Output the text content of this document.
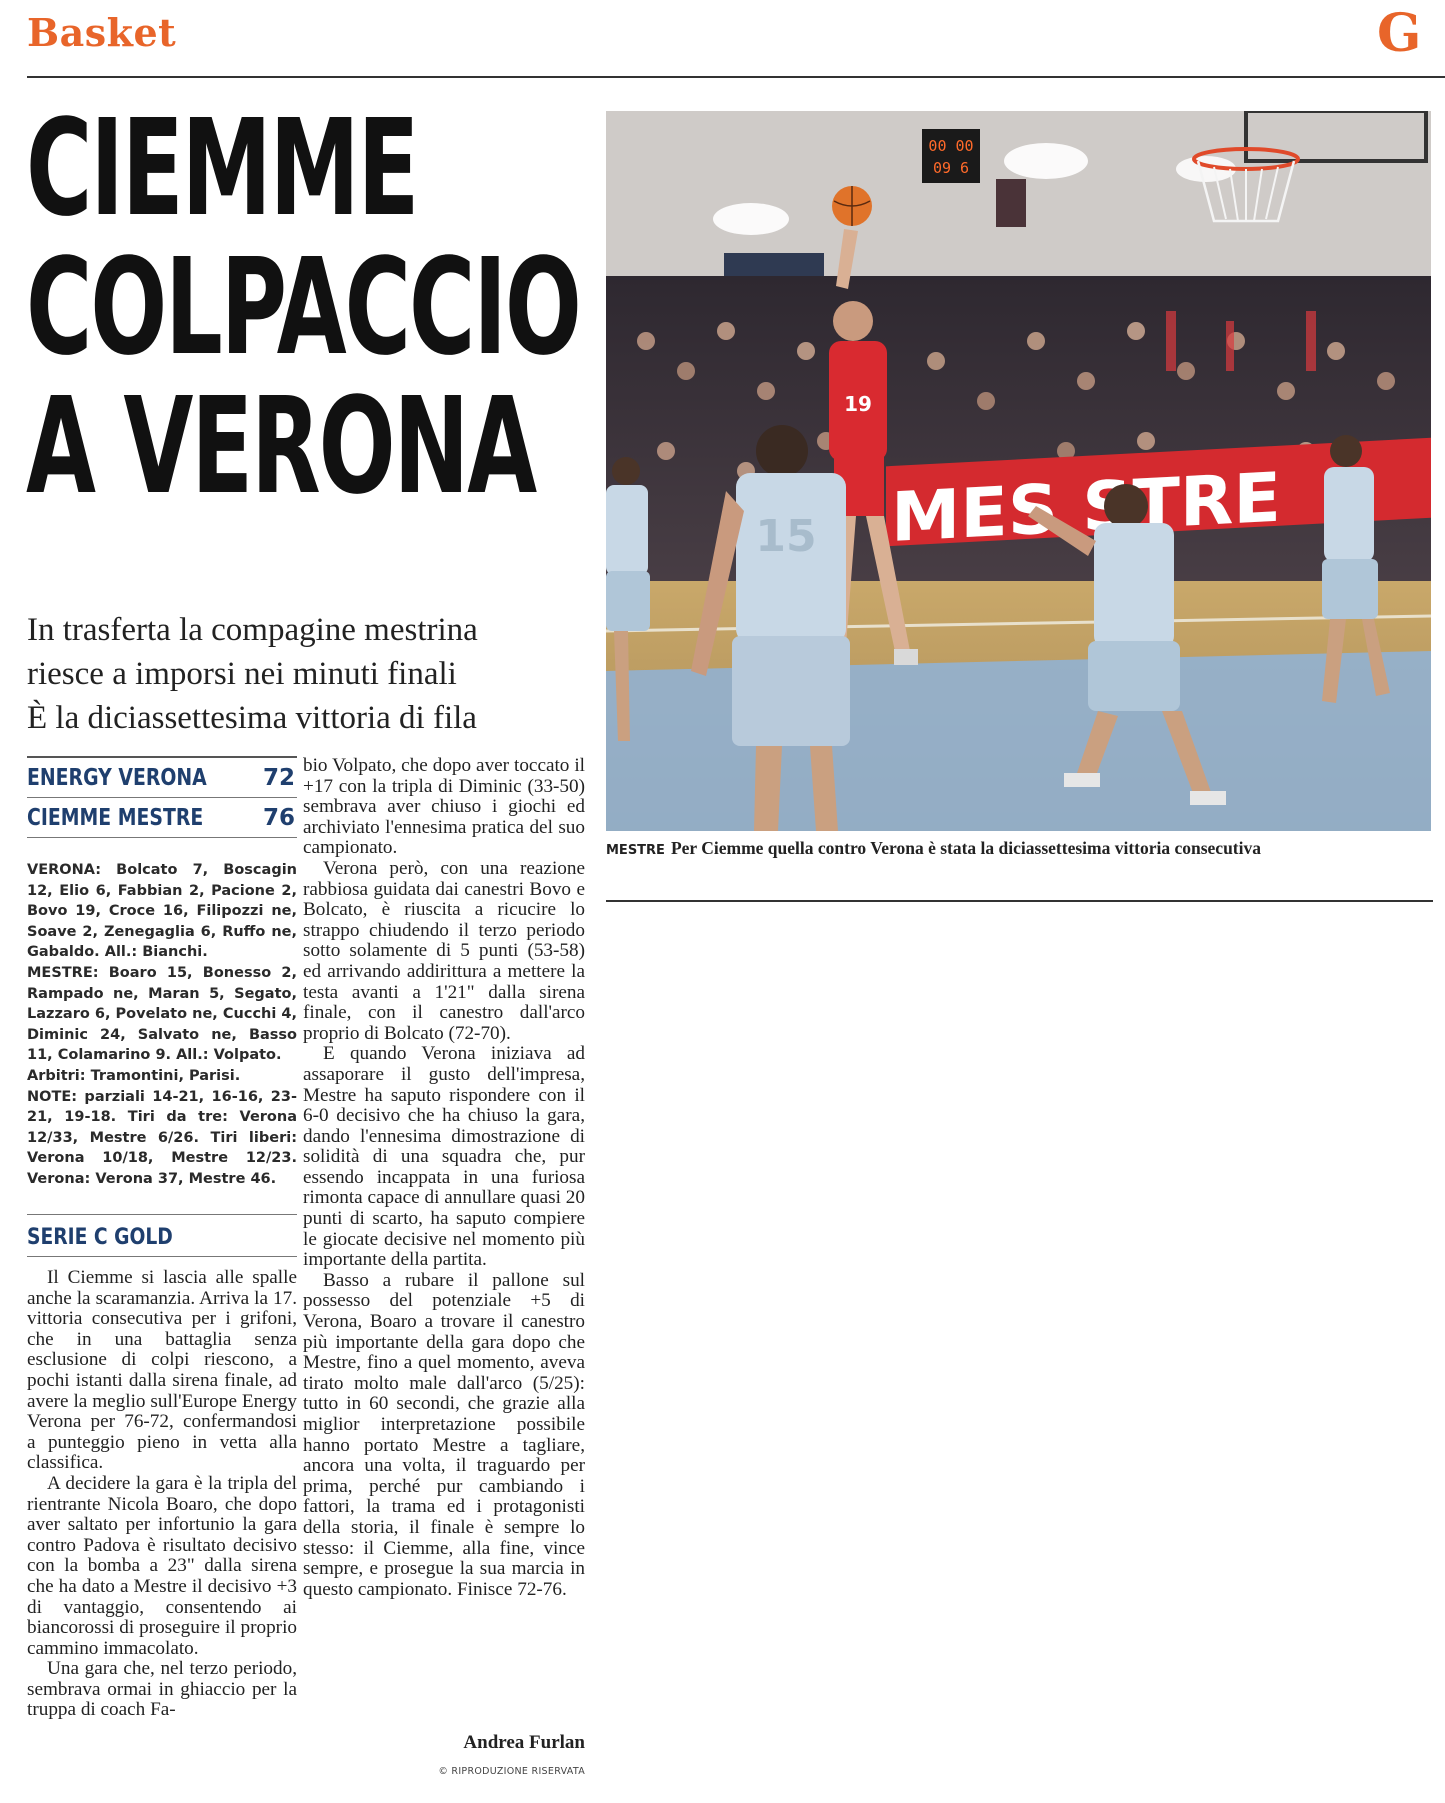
Basket	G
CIEMME
COLPACCIO
A VERONA
In trasferta la compagine mestrina
riesce a imporsi nei minuti finali
È la diciassettesima vittoria di fila
ENERGY VERONA 72
CIEMME MESTRE	76

VERONA: Bolcato 7, Boscagin 12, Elio 6, Fabbian 2, Pacione 2, Bovo 19, Croce 16, Filipozzi ne, Soave 2, Zenegaglia 6, Ruffo ne, Gabaldo. All.: Bianchi.

MESTRE: Boaro 15, Bonesso 2, Rampado ne, Maran 5, Segato, Lazzaro 6, Povelato ne, Cucchi 4, Diminic 24, Salvato ne, Basso 11, Colamarino 9. All.: Volpato.

Arbitri: Tramontini, Parisi.

NOTE: parziali 14-21, 16-16, 23-21, 19-18. Tiri da tre: Verona 12/33, Mestre 6/26. Tiri liberi: Verona 10/18, Mestre 12/23. Verona: Verona 37, Mestre 46.

SERIE C GOLD

Il Ciemme si lascia alle spalle anche la scaramanzia. Arriva la 17. vittoria consecutiva per i grifoni, che in una battaglia senza esclusione di colpi riescono, a pochi istanti dalla sirena finale, ad avere la meglio sull'Europe Energy Verona per 76-72, confermandosi a punteggio pieno in vetta alla classifica.

A decidere la gara è la tripla del rientrante Nicola Boaro, che dopo aver saltato per infortunio la gara contro Padova è risultato decisivo con la bomba a 23" dalla sirena che ha dato a Mestre il decisivo +3 di vantaggio, consentendo ai biancorossi di proseguire il proprio cammino immacolato.

Una gara che, nel terzo periodo, sembrava ormai in ghiaccio per la truppa di coach Fa-

bio Volpato, che dopo aver toccato il +17 con la tripla di Diminic (33-50) sembrava aver chiuso i giochi ed archiviato l'ennesima pratica del suo campionato.

Verona però, con una reazione rabbiosa guidata dai canestri Bovo e Bolcato, è riuscita a ricucire lo strappo chiudendo il terzo periodo sotto solamente di 5 punti (53-58) ed arrivando addirittura a mettere la testa avanti a 1'21" dalla sirena finale, con il canestro dall'arco proprio di Bolcato (72-70).

E quando Verona iniziava ad assaporare il gusto dell'impresa, Mestre ha saputo rispondere con il 6-0 decisivo che ha chiuso la gara, dando l'ennesima dimostrazione di solidità di una squadra che, pur essendo incappata in una furiosa rimonta capace di annullare quasi 20 punti di scarto, ha saputo compiere le giocate decisive nel momento più importante della partita.

Basso a rubare il pallone sul possesso del potenziale +5 di Verona, Boaro a trovare il canestro più importante della gara dopo che Mestre, fino a quel momento, aveva tirato molto male dall'arco (5/25): tutto in 60 secondi, che grazie alla miglior interpretazione possibile hanno portato Mestre a tagliare, ancora una volta, il traguardo per prima, perché pur cambiando i fattori, la trama ed i protagonisti della storia, il finale è sempre lo stesso: il Ciemme, alla fine, vince sempre, e prosegue la sua marcia in questo campionato. Finisce 72-76.

Andrea Furlan
© RIPRODUZIONE RISERVATA
00 00
09 6
MES STRE
19
15
MESTRE Per Ciemme quella contro Verona è stata la diciassettesima vittoria consecutiva
